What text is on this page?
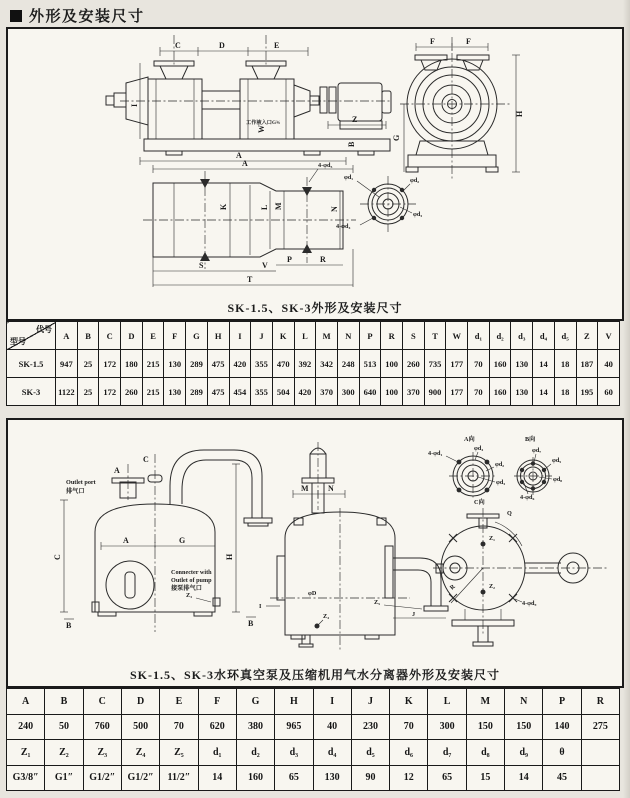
外形及安装尺寸
C	D	E
工作液入口G¾	Z
B
W
I
A
F	F
H
G
A	4-φd₅
K	L M	N
S	V
P	R
T
φd₁	φd₂
φd₃
4-φd₄
SK-1.5、SK-3外形及安装尺寸
代号
型号	A	B	C	D	E	F	G	H	I	J	K	L	M	N	P	R	S	T	W	d₁	d₂	d₃	d₄	d₅	Z	V
SK-1.5	947	25	172	180	215	130	289	475	420	355	470	392	342	248	513	100	260	735	177	70	160	130	14	18	187	40
SK-3	1122	25	172	260	215	130	289	475	454	355	504	420	370	300	640	100	370	900	177	70	160	130	14	18	195	60
C
A
Outlet port
排气口
A	G
C	H
Connecter with
Outlet of pump
接泵排气口
Z₃
B
M N
φD
Z₅
Z₄	J
I
B
A向
4-φd₁
φd₄
φd₂
φd₃
B向
φd₇
φd₅
φd₈
4-φd₆
C向
Z₁
Z₂
Q
R
4-φd₉
SK-1.5、SK-3水环真空泵及压缩机用气水分离器外形及安装尺寸
A	B	C	D	E	F	G	H	I	J	K	L	M	N	P	R
240	50	760	500	70	620	380	965	40	230	70	300	150	150	140	275
Z₁	Z₂	Z₃	Z₄	Z₅	d₁	d₂	d₃	d₄	d₅	d₆	d₇	d₈	d₉	θ	
G3/8″	G1″	G1/2″	G1/2″	11/2″	14	160	65	130	90	12	65	15	14	45	
